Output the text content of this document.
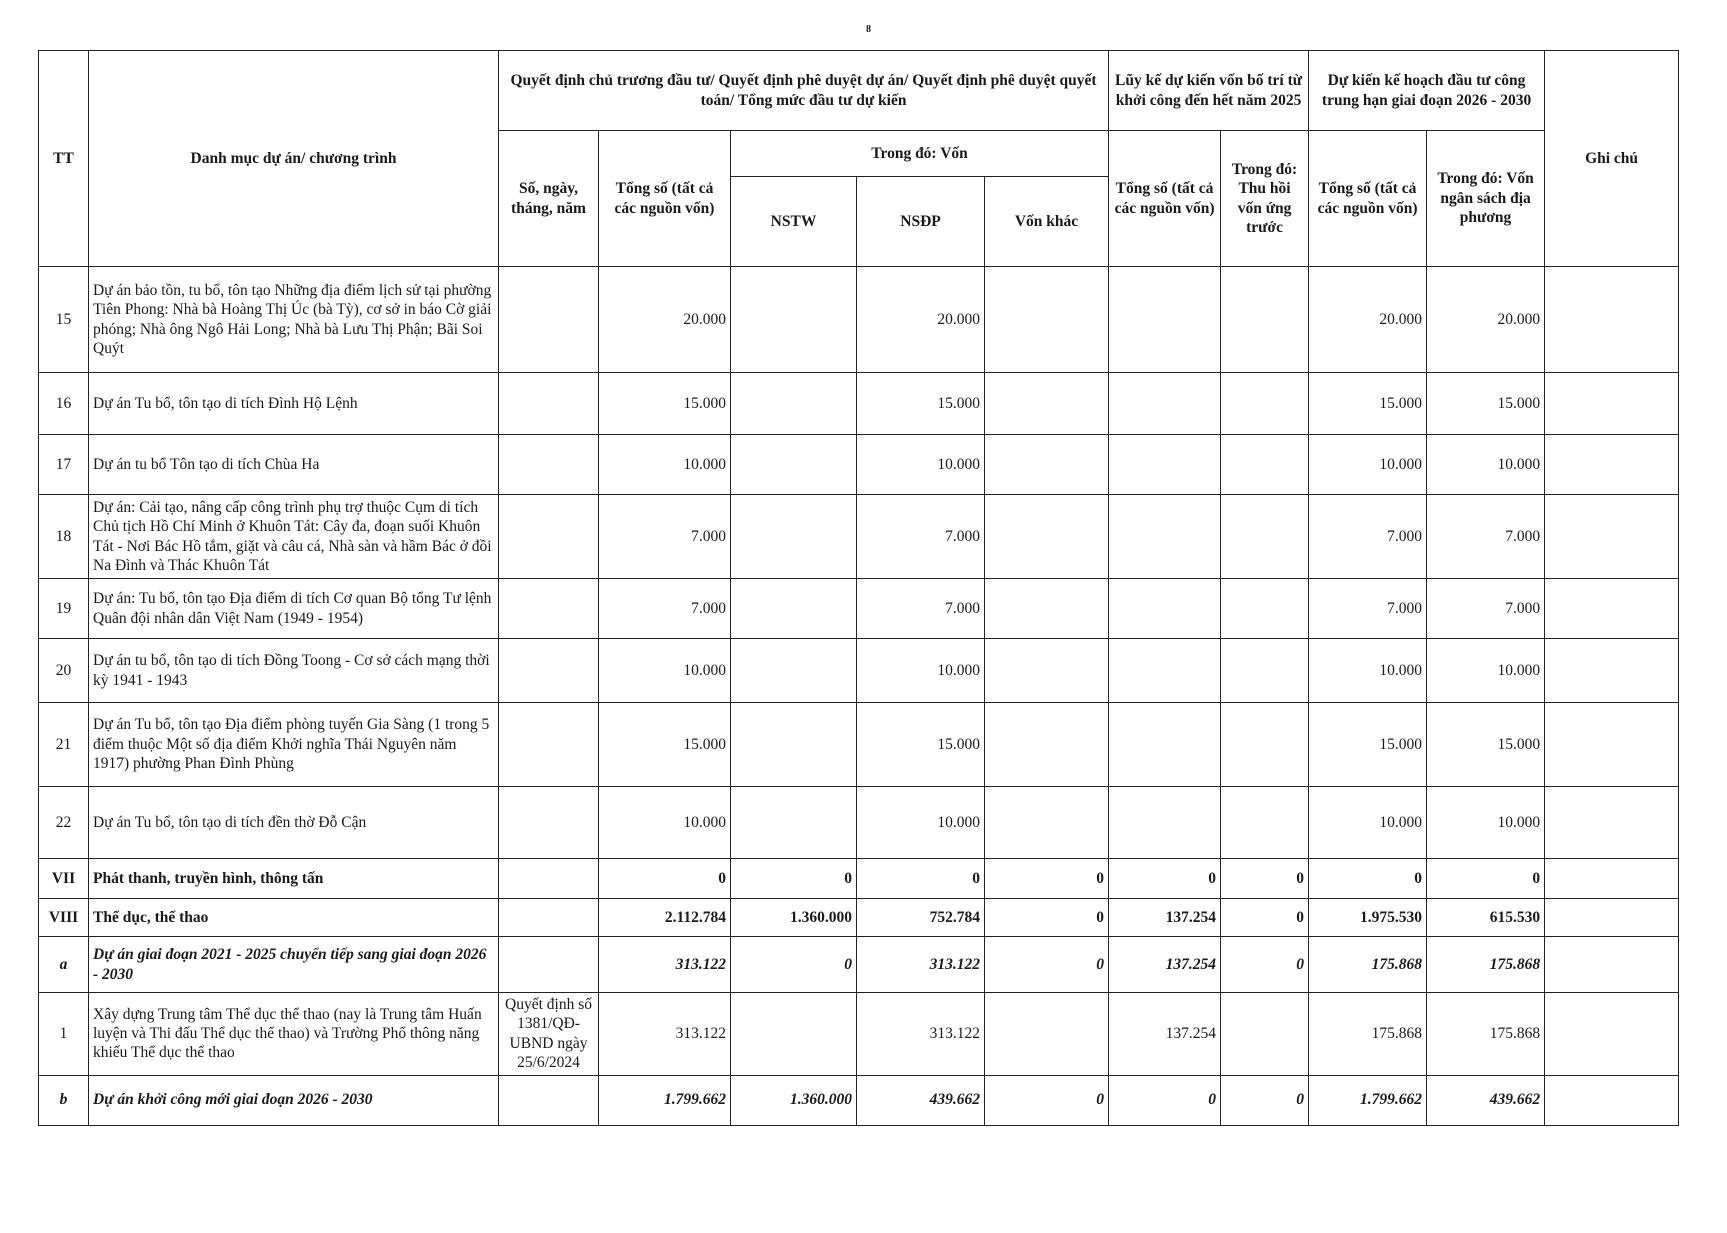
8
TT	Danh mục dự án/ chương trình	Quyết định chủ trương đầu tư/ Quyết định phê duyệt dự án/ Quyết định phê duyệt quyết toán/ Tổng mức đầu tư dự kiến					Lũy kế dự kiến vốn bố trí từ khởi công đến hết năm 2025		Dự kiến kế hoạch đầu tư công trung hạn giai đoạn 2026 - 2030		Ghi chú
		Số, ngày, tháng, năm	Tổng số (tất cả các nguồn vốn)	Trong đó: Vốn			Tổng số (tất cả các nguồn vốn)	Trong đó: Thu hồi vốn ứng trước	Tổng số (tất cả các nguồn vốn)	Trong đó: Vốn ngân sách địa phương	
				NSTW	NSĐP	Vốn khác					
15	Dự án bảo tồn, tu bổ, tôn tạo Những địa điểm lịch sử tại phường Tiên Phong: Nhà bà Hoàng Thị Úc (bà Tỳ), cơ sở in báo Cờ giải phóng; Nhà ông Ngô Hải Long; Nhà bà Lưu Thị Phận; Bãi Soi Quýt		20.000		20.000				20.000	20.000	
16	Dự án Tu bổ, tôn tạo di tích Đình Hộ Lệnh		15.000		15.000				15.000	15.000	
17	Dự án tu bổ Tôn tạo di tích Chùa Ha		10.000		10.000				10.000	10.000	
18	Dự án: Cải tạo, nâng cấp công trình phụ trợ thuộc Cụm di tích Chủ tịch Hồ Chí Minh ở Khuôn Tát: Cây đa, đoạn suối Khuôn Tát - Nơi Bác Hồ tắm, giặt và câu cá, Nhà sàn và hầm Bác ở đồi Na Đình và Thác Khuôn Tát		7.000		7.000				7.000	7.000	
19	Dự án: Tu bổ, tôn tạo Địa điểm di tích Cơ quan Bộ tổng Tư lệnh Quân đội nhân dân Việt Nam (1949 - 1954)		7.000		7.000				7.000	7.000	
20	Dự án tu bổ, tôn tạo di tích Đồng Toong - Cơ sở cách mạng thời kỳ 1941 - 1943		10.000		10.000				10.000	10.000	
21	Dự án Tu bổ, tôn tạo Địa điểm phòng tuyến Gia Sàng (1 trong 5 điểm thuộc Một số địa điểm Khởi nghĩa Thái Nguyên năm 1917) phường Phan Đình Phùng		15.000		15.000				15.000	15.000	
22	Dự án Tu bổ, tôn tạo di tích đền thờ Đỗ Cận		10.000		10.000				10.000	10.000	
VII	Phát thanh, truyền hình, thông tấn		0	0	0	0	0	0	0	0	
VIII	Thể dục, thể thao		2.112.784	1.360.000	752.784	0	137.254	0	1.975.530	615.530	
a	Dự án giai đoạn 2021 - 2025 chuyển tiếp sang giai đoạn 2026 - 2030		313.122	0	313.122	0	137.254	0	175.868	175.868	
1	Xây dựng Trung tâm Thể dục thể thao (nay là Trung tâm Huấn luyện và Thi đấu Thể dục thể thao) và Trường Phổ thông năng khiếu Thể dục thể thao	Quyết định số 1381/QĐ-UBND ngày 25/6/2024	313.122		313.122		137.254		175.868	175.868	
b	Dự án khởi công mới giai đoạn 2026 - 2030		1.799.662	1.360.000	439.662	0	0	0	1.799.662	439.662	
